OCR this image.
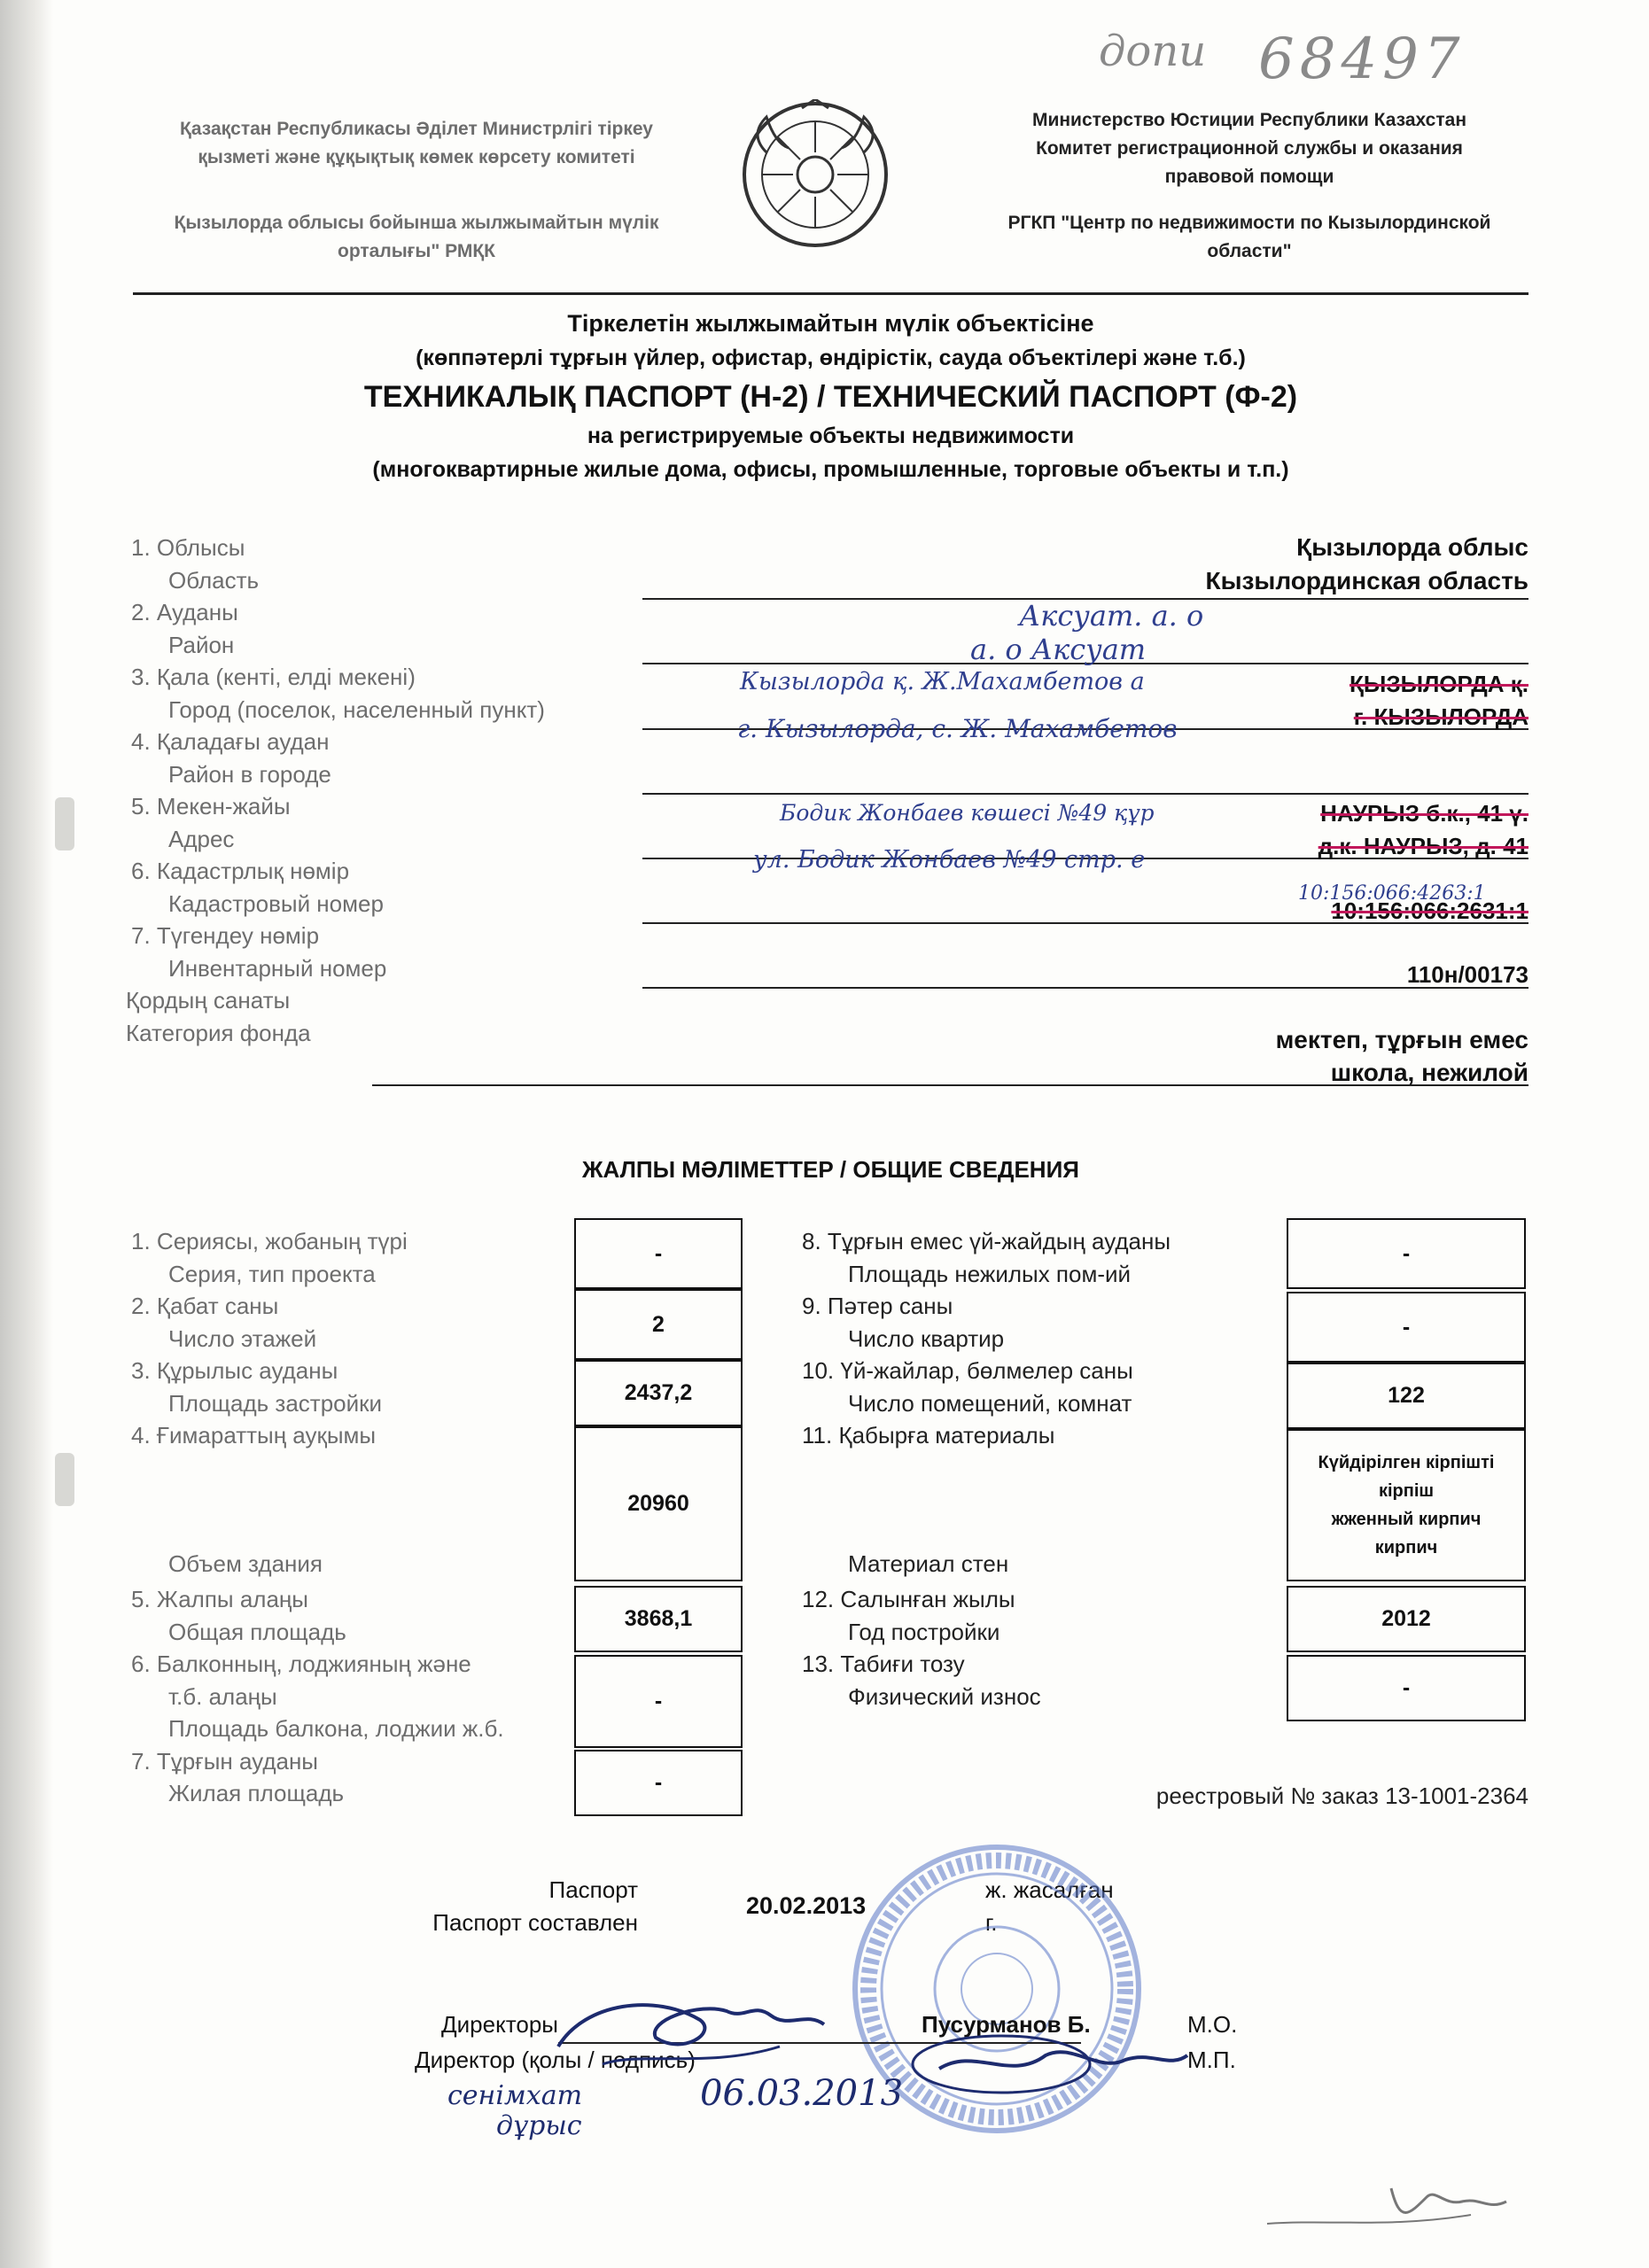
допи 68497
Қазақстан Республикасы Әділет Министрлігі тіркеу
қызметі және құқықтық көмек көрсету комитеті
Қызылорда облысы бойынша жылжымайтын мүлік
орталығы" РМҚК
Министерство Юстиции Республики Казахстан
Комитет регистрационной службы и оказания
правовой помощи
РГКП "Центр по недвижимости по Кызылординской
области"
Тіркелетін жылжымайтын мүлік объектісіне
(көппәтерлі тұрғын үйлер, офистар, өндірістік, сауда объектілері және т.б.)
ТЕХНИКАЛЫҚ ПАСПОРТ (Н-2) / ТЕХНИЧЕСКИЙ ПАСПОРТ (Ф-2)
на регистрируемые объекты недвижимости
(многоквартирные жилые дома, офисы, промышленные, торговые объекты и т.п.)
1. Облысы
Область
2. Ауданы
Район
3. Қала (кенті, елді мекені)
Город (поселок, населенный пункт)
4. Қаладағы аудан
Район в городе
5. Мекен-жайы
Адрес
6. Кадастрлық нөмір
Кадастровый номер
7. Түгендеу нөмір
Инвентарный номер
Қордың санаты
Категория фонда
Қызылорда облыс
Кызылординская область
ҚЫЗЫЛОРДА қ.
г. КЫЗЫЛОРДА
НАУРЫЗ б.к., 41 ү.
д.к. НАУРЫЗ, д. 41
10:156:066:2631:1
110н/00173
мектеп, тұрғын емес
школа, нежилой
Аксуат. а. о
а. о Аксуат
Кызылорда қ. Ж.Махамбетов а
г. Кызылорда, с. Ж. Махамбетов
Бодик Жонбаев көшесі №49 құр
ул. Бодик Жонбаев №49 стр. е
10:156:066:4263:1
ЖАЛПЫ МӘЛІМЕТТЕР / ОБЩИЕ СВЕДЕНИЯ
1. Сериясы, жобаның түрі
Серия, тип проекта
2. Қабат саны
Число этажей
3. Құрылыс ауданы
Площадь застройки
4. Ғимараттың ауқымы
Объем здания
5. Жалпы алаңы
Общая площадь
6. Балконның, лоджияның және
т.б. алаңы
Площадь балкона, лоджии ж.б.
7. Тұрғын ауданы
Жилая площадь
-
2
2437,2
20960
3868,1
-
-
8. Тұрғын емес үй-жайдың ауданы
Площадь нежилых пом-ий
9. Пәтер саны
Число квартир
10. Үй-жайлар, бөлмелер саны
Число помещений, комнат
11. Қабырға материалы
Материал стен
12. Салынған жылы
Год постройки
13. Табиғи тозу
Физический износ
-
-
122
Күйдірілген кірпішті
кірпіш
жженный кирпич
кирпич
2012
-
реестровый № заказ 13-1001-2364
Паспорт
Паспорт составлен
20.02.2013
ж. жасалған
г.
Директоры
Директор (қолы / подпись)
Пусурманов Б.	М.О.
М.П.
сенімхат
дұрыс
06.03.2013
